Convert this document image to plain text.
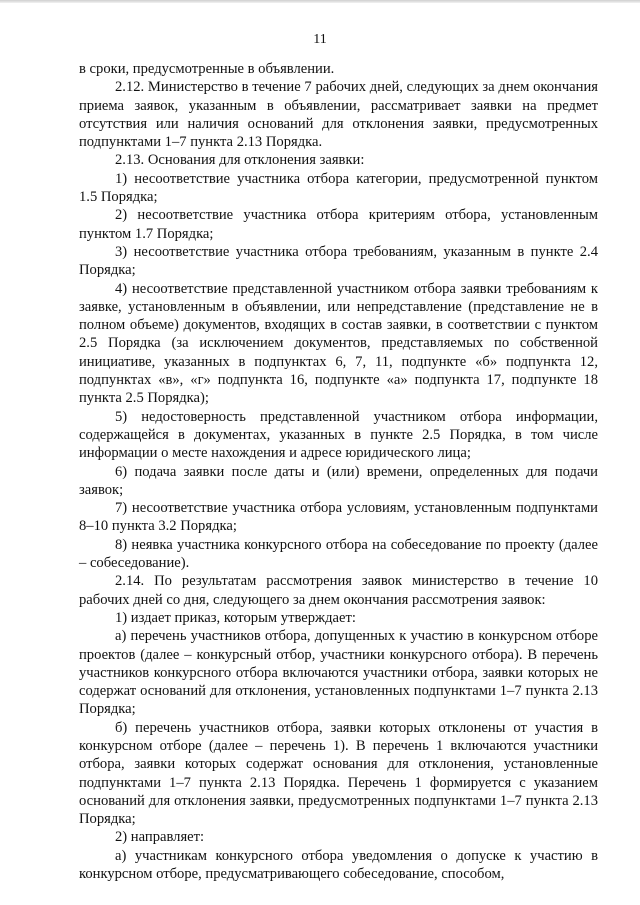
11

в сроки, предусмотренные в объявлении.

2.12. Министерство в течение 7 рабочих дней, следующих за днем окончания приема заявок, указанным в объявлении, рассматривает заявки на предмет отсутствия или наличия оснований для отклонения заявки, предусмотренных подпунктами 1–7 пункта 2.13 Порядка.

2.13. Основания для отклонения заявки:

1) несоответствие участника отбора категории, предусмотренной пунктом 1.5 Порядка;

2) несоответствие участника отбора критериям отбора, установленным пунктом 1.7 Порядка;

3) несоответствие участника отбора требованиям, указанным в пункте 2.4 Порядка;

4) несоответствие представленной участником отбора заявки требованиям к заявке, установленным в объявлении, или непредставление (представление не в полном объеме) документов, входящих в состав заявки, в соответствии с пунктом 2.5 Порядка (за исключением документов, представляемых по собственной инициативе, указанных в подпунктах 6, 7, 11, подпункте «б» подпункта 12, подпунктах «в», «г» подпункта 16, подпункте «а» подпункта 17, подпункте 18 пункта 2.5 Порядка);

5) недостоверность представленной участником отбора информации, содержащейся в документах, указанных в пункте 2.5 Порядка, в том числе информации о месте нахождения и адресе юридического лица;

6) подача заявки после даты и (или) времени, определенных для подачи заявок;

7) несоответствие участника отбора условиям, установленным подпунктами 8–10 пункта 3.2 Порядка;

8) неявка участника конкурсного отбора на собеседование по проекту (далее – собеседование).

2.14. По результатам рассмотрения заявок министерство в течение 10 рабочих дней со дня, следующего за днем окончания рассмотрения заявок:

1) издает приказ, которым утверждает:

а) перечень участников отбора, допущенных к участию в конкурсном отборе проектов (далее – конкурсный отбор, участники конкурсного отбора). В перечень участников конкурсного отбора включаются участники отбора, заявки которых не содержат оснований для отклонения, установленных подпунктами 1–7 пункта 2.13 Порядка;

б) перечень участников отбора, заявки которых отклонены от участия в конкурсном отборе (далее – перечень 1). В перечень 1 включаются участники отбора, заявки которых содержат основания для отклонения, установленные подпунктами 1–7 пункта 2.13 Порядка. Перечень 1 формируется с указанием оснований для отклонения заявки, предусмотренных подпунктами 1–7 пункта 2.13 Порядка;

2) направляет:

а) участникам конкурсного отбора уведомления о допуске к участию в конкурсном отборе, предусматривающего собеседование, способом,
